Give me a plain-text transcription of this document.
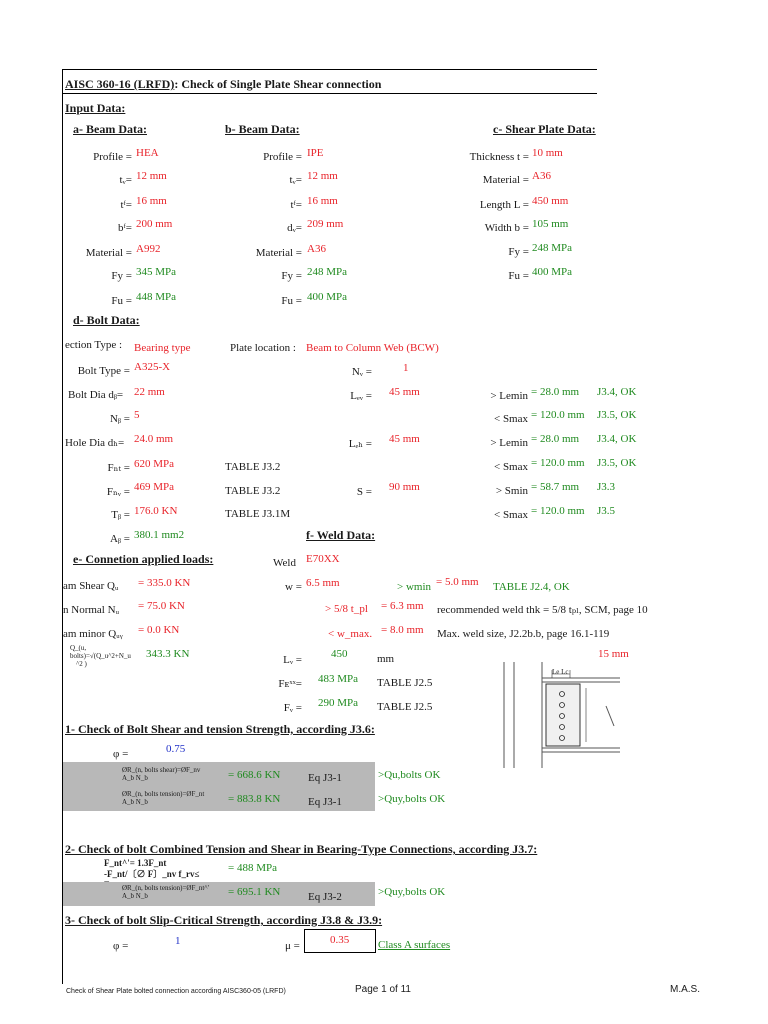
AISC 360-16 (LRFD): Check of Single Plate Shear connection
Input Data:
a- Beam Data:	b- Beam Data:	c- Shear Plate Data:
Profile = HEA
tᵥ= 12 mm
tᶠ= 16 mm
bᶠ= 200 mm
Material = A992
Fy = 345 MPa
Fu = 448 MPa
Profile = IPE
tᵥ= 12 mm
tᶠ= 16 mm
dᵥ= 209 mm
Material = A36
Fy = 248 MPa
Fu = 400 MPa
Thickness t = 10 mm
Material = A36
Length L = 450 mm
Width b = 105 mm
Fy = 248 MPa
Fu = 400 MPa
d- Bolt Data:
ection Type : Bearing type	Plate location : Beam to Column Web (BCW)
Bolt Type = A325-X	Nᵥ =	1
Bolt Dia dᵦ= 22 mm	Lₑᵥ = 45 mm
Nᵦ = 5
Hole Dia dₕ= 24.0 mm	Lₑₕ = 45 mm
Fₙₜ = 620 MPa	TABLE J3.2
Fₙᵥ = 469 MPa	TABLE J3.2	S = 90 mm
Tᵦ = 176.0 KN	TABLE J3.1M
Aᵦ = 380.1 mm2
> Lemin = 28.0 mm J3.4, OK
< Smax = 120.0 mm J3.5, OK
> Lemin = 28.0 mm J3.4, OK
< Smax = 120.0 mm J3.5, OK
> Smin = 58.7 mm J3.3
< Smax = 120.0 mm J3.5
f- Weld Data:
e- Connetion applied loads:	Weld E70XX
am Shear Qᵤ = 335.0 KN	w = 6.5 mm	> wmin = 5.0 mm TABLE J2.4, OK
n Normal Nᵤ = 75.0 KN	> 5/8 t_pl = 6.3 mm recommended weld thk = 5/8 tₚₗ, SCM, page 10
am minor Qᵤᵧ = 0.0 KN	< w_max. = 8.0 mm Max. weld size, J2.2b.b, page 16.1-119
Q_(u,
bolts)=√(Q_u^2+N_u
^2 )
343.3 KN	15 mm
Lᵥ =	450	mm
Fᴇˣˣ= 483 MPa TABLE J2.5
Fᵥ = 290 MPa TABLE J2.5
Le Lc
1- Check of Bolt Shear and tension Strength, according J3.6:
φ =	0.75
ØR_(n, bolts shear)=ØF_nv
A_b N_b	= 668.6 KN	Eq J3-1	>Qu,bolts OK
ØR_(n, bolts tension)=ØF_nt
A_b N_b	= 883.8 KN	Eq J3-1	>Quy,bolts OK
2- Check of bolt Combined Tension and Shear in Bearing-Type Connections, according J3.7:
F_nt^'= 1.3F_nt
-F_nt/〔∅ F〕_nv f_rv≤	= 488 MPa
ØR_(n, bolts tension)=ØF_nt^'
A_b N_b	= 695.1 KN	Eq J3-2	>Quy,bolts OK
3- Check of bolt Slip-Critical Strength, according J3.8 & J3.9:
φ =	1	μ =	0.35	Class A surfaces
Check of Shear Plate bolted connection according AISC360-05 (LRFD)	Page 1 of 11	M.A.S.
